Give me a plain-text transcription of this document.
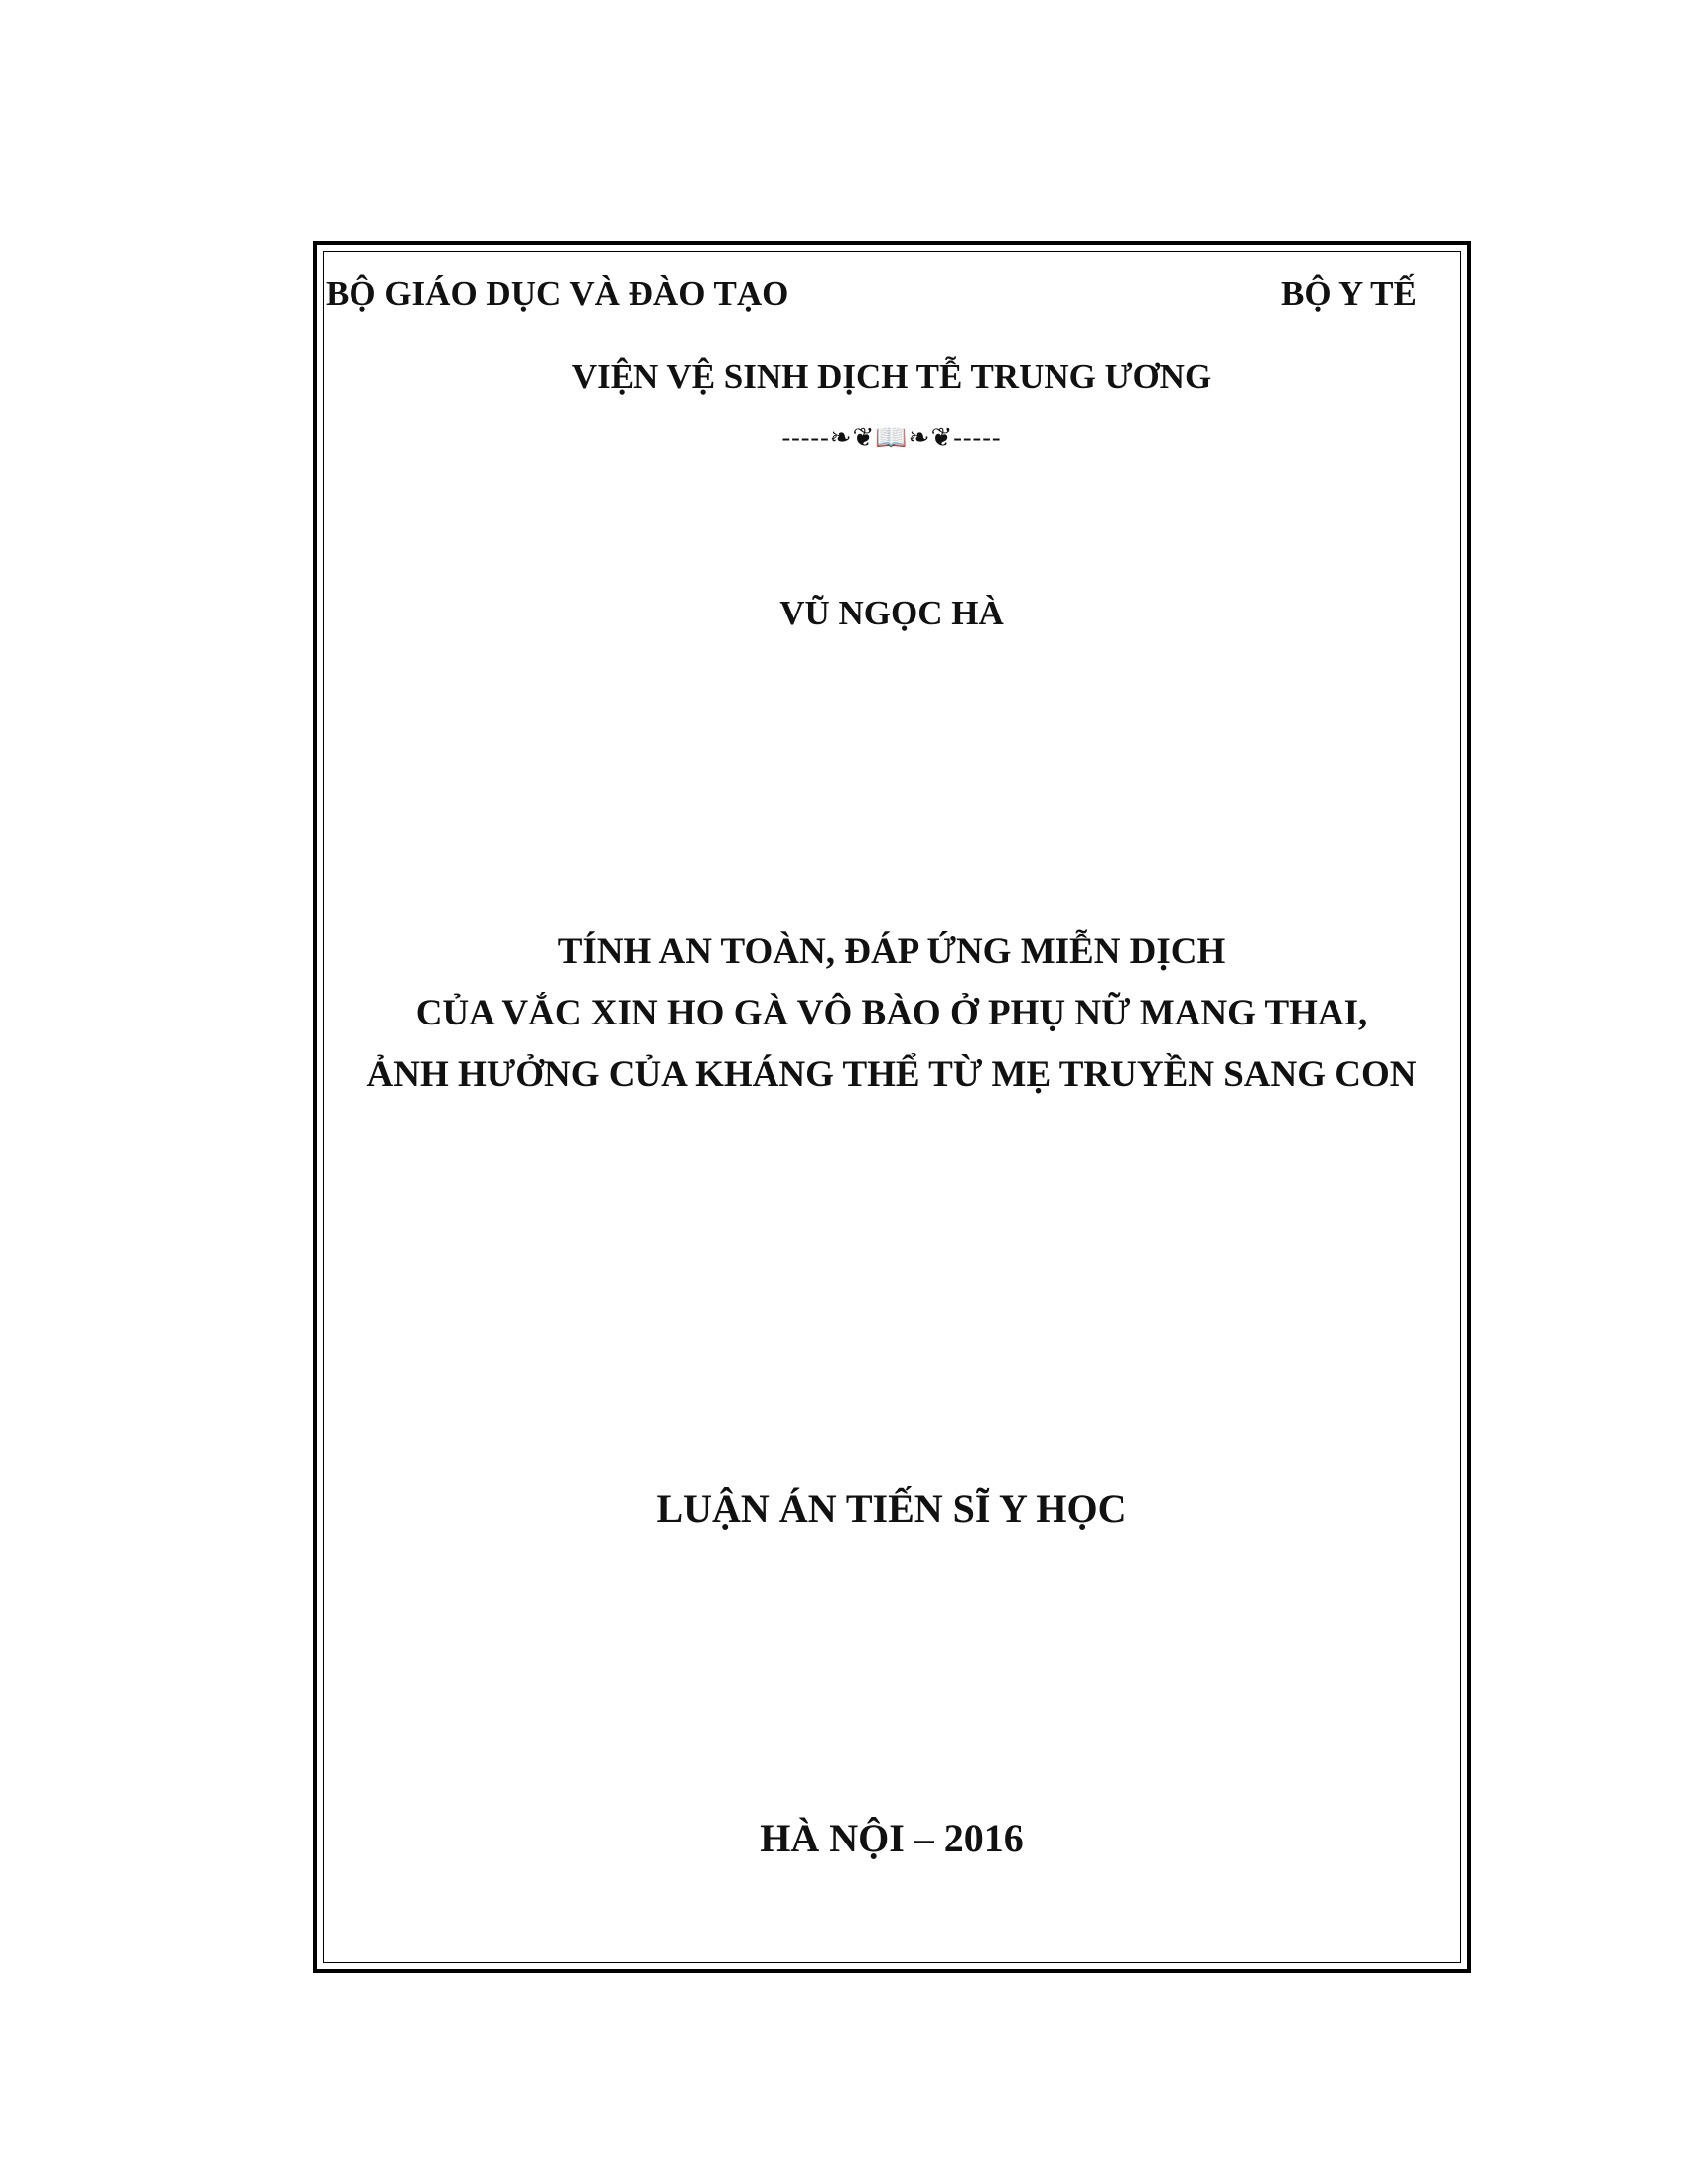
BỘ GIÁO DỤC VÀ ĐÀO TẠO	BỘ Y TẾ
VIỆN VỆ SINH DỊCH TỄ TRUNG ƯƠNG
-----❧❦📖❧❦-----
VŨ NGỌC HÀ
TÍNH AN TOÀN, ĐÁP ỨNG MIỄN DỊCH
CỦA VẮC XIN HO GÀ VÔ BÀO Ở PHỤ NỮ MANG THAI,
ẢNH HƯỞNG CỦA KHÁNG THỂ TỪ MẸ TRUYỀN SANG CON
LUẬN ÁN TIẾN SĨ Y HỌC
HÀ NỘI – 2016
